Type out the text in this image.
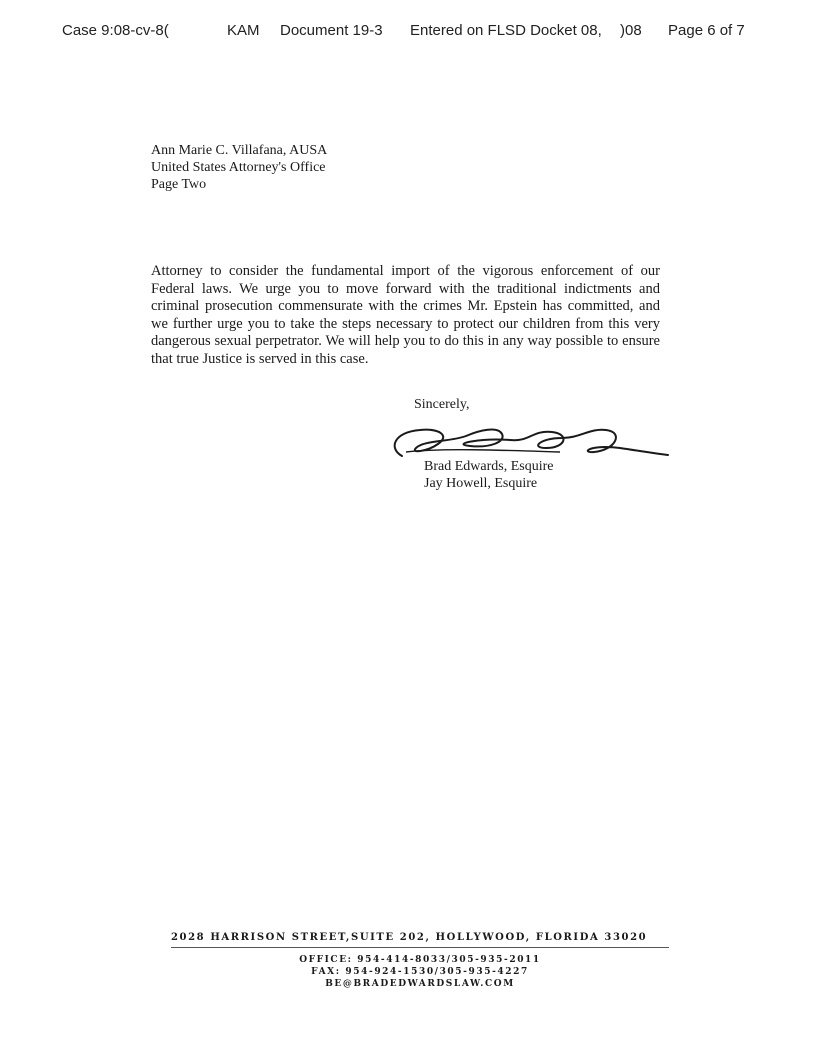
Case 9:08-cv-8(	KAM Document 19-3 Entered on FLSD Docket 08, )08 Page 6 of 7
Ann Marie C. Villafana, AUSA
United States Attorney's Office
Page Two
Attorney to consider the fundamental import of the vigorous enforcement of our Federal laws. We urge you to move forward with the traditional indictments and criminal prosecution commensurate with the crimes Mr. Epstein has committed, and we further urge you to take the steps necessary to protect our children from this very dangerous sexual perpetrator. We will help you to do this in any way possible to ensure that true Justice is served in this case.
Sincerely,
Brad Edwards, Esquire
Jay Howell, Esquire
2028 HARRISON STREET,SUITE 202, HOLLYWOOD, FLORIDA 33020
OFFICE: 954-414-8033/305-935-2011
FAX: 954-924-1530/305-935-4227
BE@BRADEDWARDSLAW.COM
